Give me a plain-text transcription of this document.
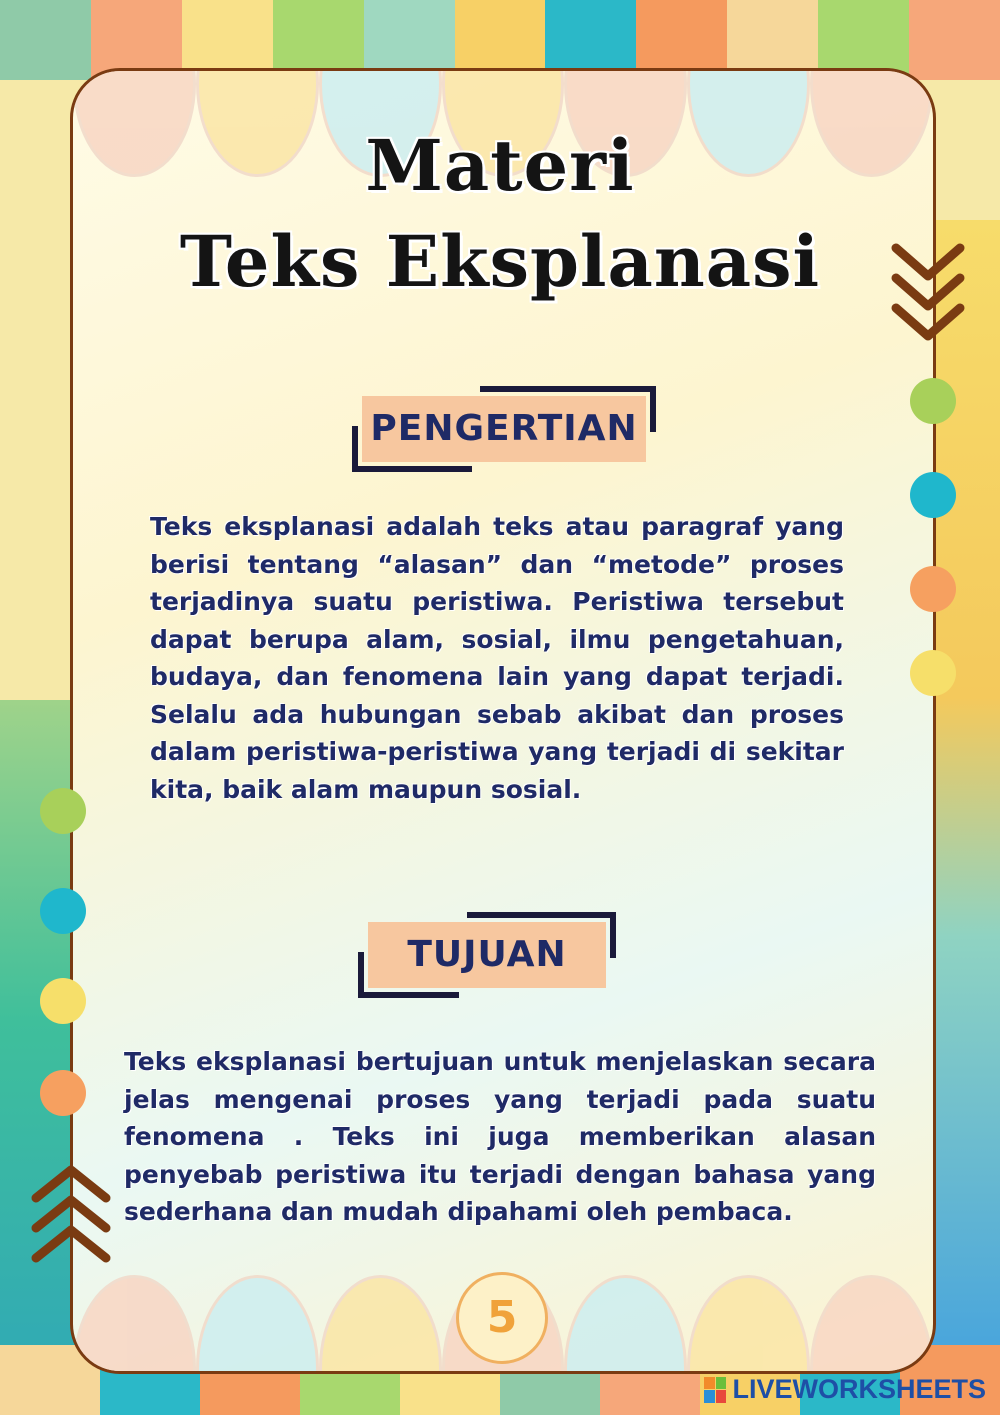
Materi
Teks Eksplanasi
PENGERTIAN
Teks eksplanasi adalah teks atau paragraf yang berisi tentang “alasan” dan “metode” proses terjadinya suatu peristiwa. Peristiwa tersebut dapat berupa alam, sosial, ilmu pengetahuan, budaya, dan fenomena lain yang dapat terjadi. Selalu ada hubungan sebab akibat dan proses dalam peristiwa-peristiwa yang terjadi di sekitar kita, baik alam maupun sosial.
TUJUAN
Teks eksplanasi bertujuan untuk menjelaskan secara jelas mengenai proses yang terjadi pada suatu fenomena . Teks ini juga memberikan alasan penyebab peristiwa itu terjadi dengan bahasa yang sederhana dan mudah dipahami oleh pembaca.
5
LIVEWORKSHEETS
